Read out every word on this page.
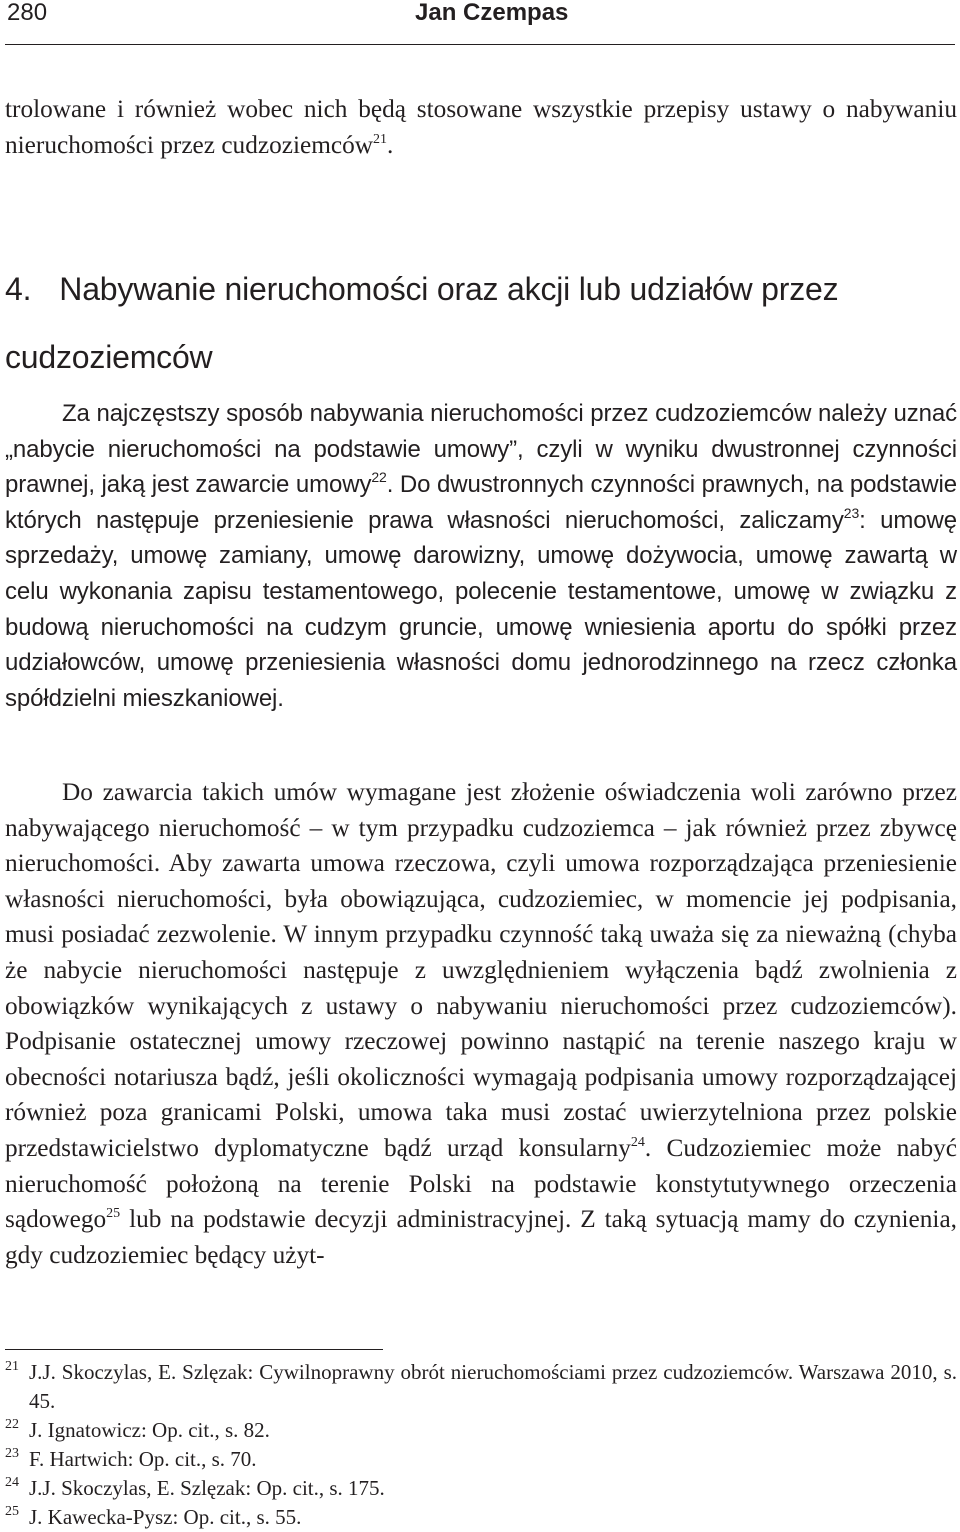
280	Jan Czempas

trolowane i również wobec nich będą stosowane wszystkie przepisy ustawy o nabywaniu nieruchomości przez cudzoziemców$^{21}$.

4. Nabywanie nieruchomości oraz akcji lub udziałów przez cudzoziemców

Za najczęstszy sposób nabywania nieruchomości przez cudzoziemców należy uznać „nabycie nieruchomości na podstawie umowy”, czyli w wyniku dwustronnej czynności prawnej, jaką jest zawarcie umowy$^{22}$. Do dwustronnych czynności prawnych, na podstawie których następuje przeniesienie prawa własności nieruchomości, zaliczamy$^{23}$: umowę sprzedaży, umowę zamiany, umowę darowizny, umowę dożywocia, umowę zawartą w celu wykonania zapisu testamentowego, polecenie testamentowe, umowę w związku z budową nieruchomości na cudzym gruncie, umowę wniesienia aportu do spółki przez udziałowców, umowę przeniesienia własności domu jednorodzinnego na rzecz członka spółdzielni mieszkaniowej.

Do zawarcia takich umów wymagane jest złożenie oświadczenia woli zarówno przez nabywającego nieruchomość – w tym przypadku cudzoziemca – jak również przez zbywcę nieruchomości. Aby zawarta umowa rzeczowa, czyli umowa rozporządzająca przeniesienie własności nieruchomości, była obowiązująca, cudzoziemiec, w momencie jej podpisania, musi posiadać zezwolenie. W innym przypadku czynność taką uważa się za nieważną (chyba że nabycie nieruchomości następuje z uwzględnieniem wyłączenia bądź zwolnienia z obowiązków wynikających z ustawy o nabywaniu nieruchomości przez cudzoziemców). Podpisanie ostatecznej umowy rzeczowej powinno nastąpić na terenie naszego kraju w obecności notariusza bądź, jeśli okoliczności wymagają podpisania umowy rozporządzającej również poza granicami Polski, umowa taka musi zostać uwierzytelniona przez polskie przedstawicielstwo dyplomatyczne bądź urząd konsularny$^{24}$. Cudzoziemiec może nabyć nieruchomość położoną na terenie Polski na podstawie konstytutywnego orzeczenia sądowego$^{25}$ lub na podstawie decyzji administracyjnej. Z taką sytuacją mamy do czynienia, gdy cudzoziemiec będący użyt-

21 J.J. Skoczylas, E. Szlęzak: Cywilnoprawny obrót nieruchomościami przez cudzoziemców. Warszawa 2010, s. 45.
22 J. Ignatowicz: Op. cit., s. 82.
23 F. Hartwich: Op. cit., s. 70.
24 J.J. Skoczylas, E. Szlęzak: Op. cit., s. 175.
25 J. Kawecka-Pysz: Op. cit., s. 55.
